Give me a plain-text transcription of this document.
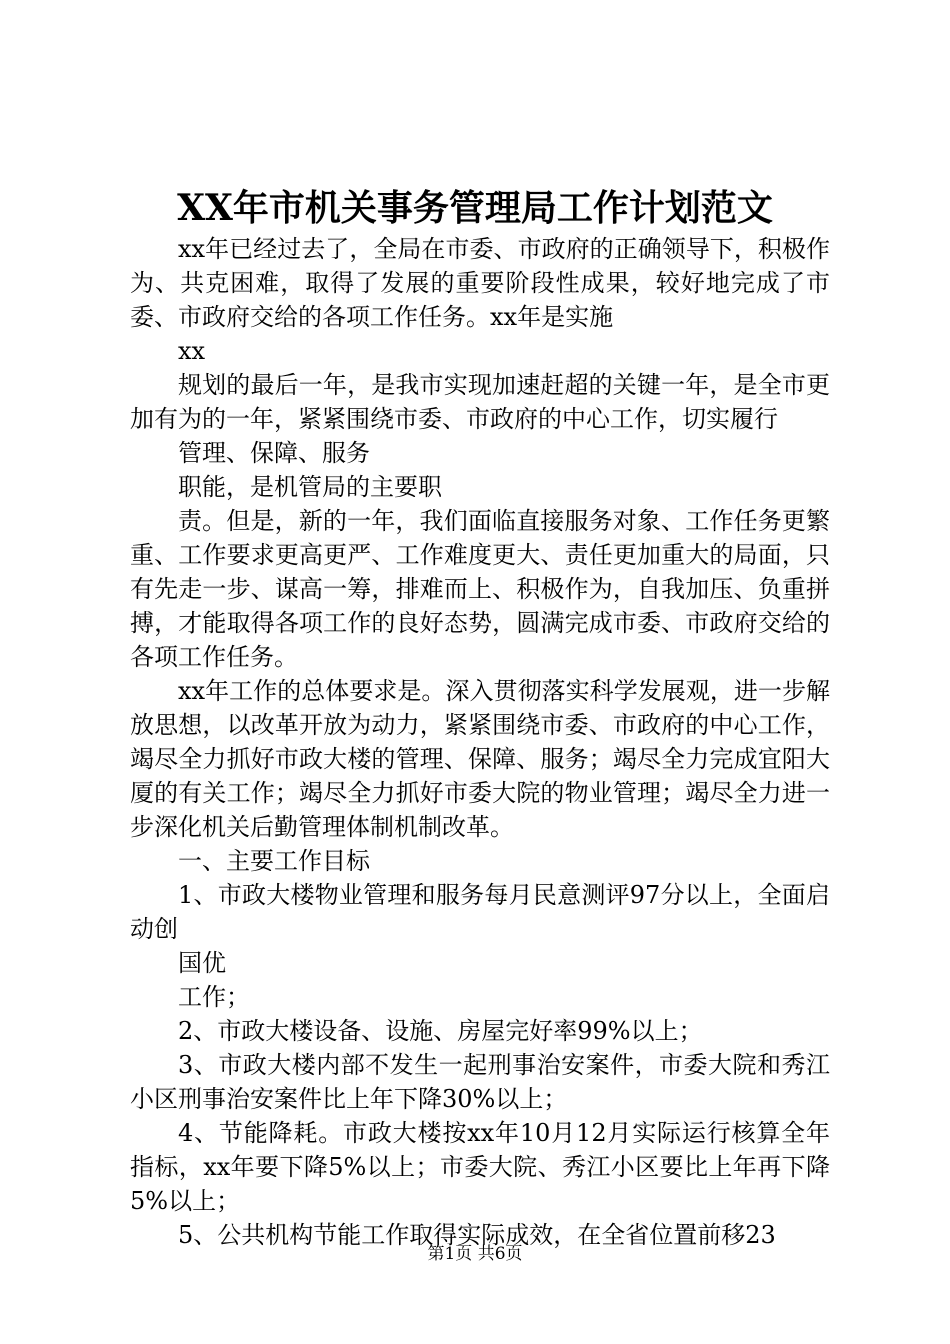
XX年市机关事务管理局工作计划范文

xx年已经过去了，全局在市委、市政府的正确领导下，积极作为、共克困难，取得了发展的重要阶段性成果，较好地完成了市委、市政府交给的各项工作任务。xx年是实施

xx

规划的最后一年，是我市实现加速赶超的关键一年，是全市更加有为的一年，紧紧围绕市委、市政府的中心工作，切实履行

管理、保障、服务

职能，是机管局的主要职

责。但是，新的一年，我们面临直接服务对象、工作任务更繁重、工作要求更高更严、工作难度更大、责任更加重大的局面，只有先走一步、谋高一筹，排难而上、积极作为，自我加压、负重拼搏，才能取得各项工作的良好态势，圆满完成市委、市政府交给的各项工作任务。

xx年工作的总体要求是。深入贯彻落实科学发展观，进一步解放思想，以改革开放为动力，紧紧围绕市委、市政府的中心工作，竭尽全力抓好市政大楼的管理、保障、服务；竭尽全力完成宜阳大厦的有关工作；竭尽全力抓好市委大院的物业管理；竭尽全力进一步深化机关后勤管理体制机制改革。

一、主要工作目标

1、市政大楼物业管理和服务每月民意测评97分以上，全面启动创

国优

工作；

2、市政大楼设备、设施、房屋完好率99%以上；

3、市政大楼内部不发生一起刑事治安案件，市委大院和秀江小区刑事治安案件比上年下降30%以上；

4、节能降耗。市政大楼按xx年10月12月实际运行核算全年指标，xx年要下降5%以上；市委大院、秀江小区要比上年再下降5%以上；

5、公共机构节能工作取得实际成效，在全省位置前移23

第1页 共6页
